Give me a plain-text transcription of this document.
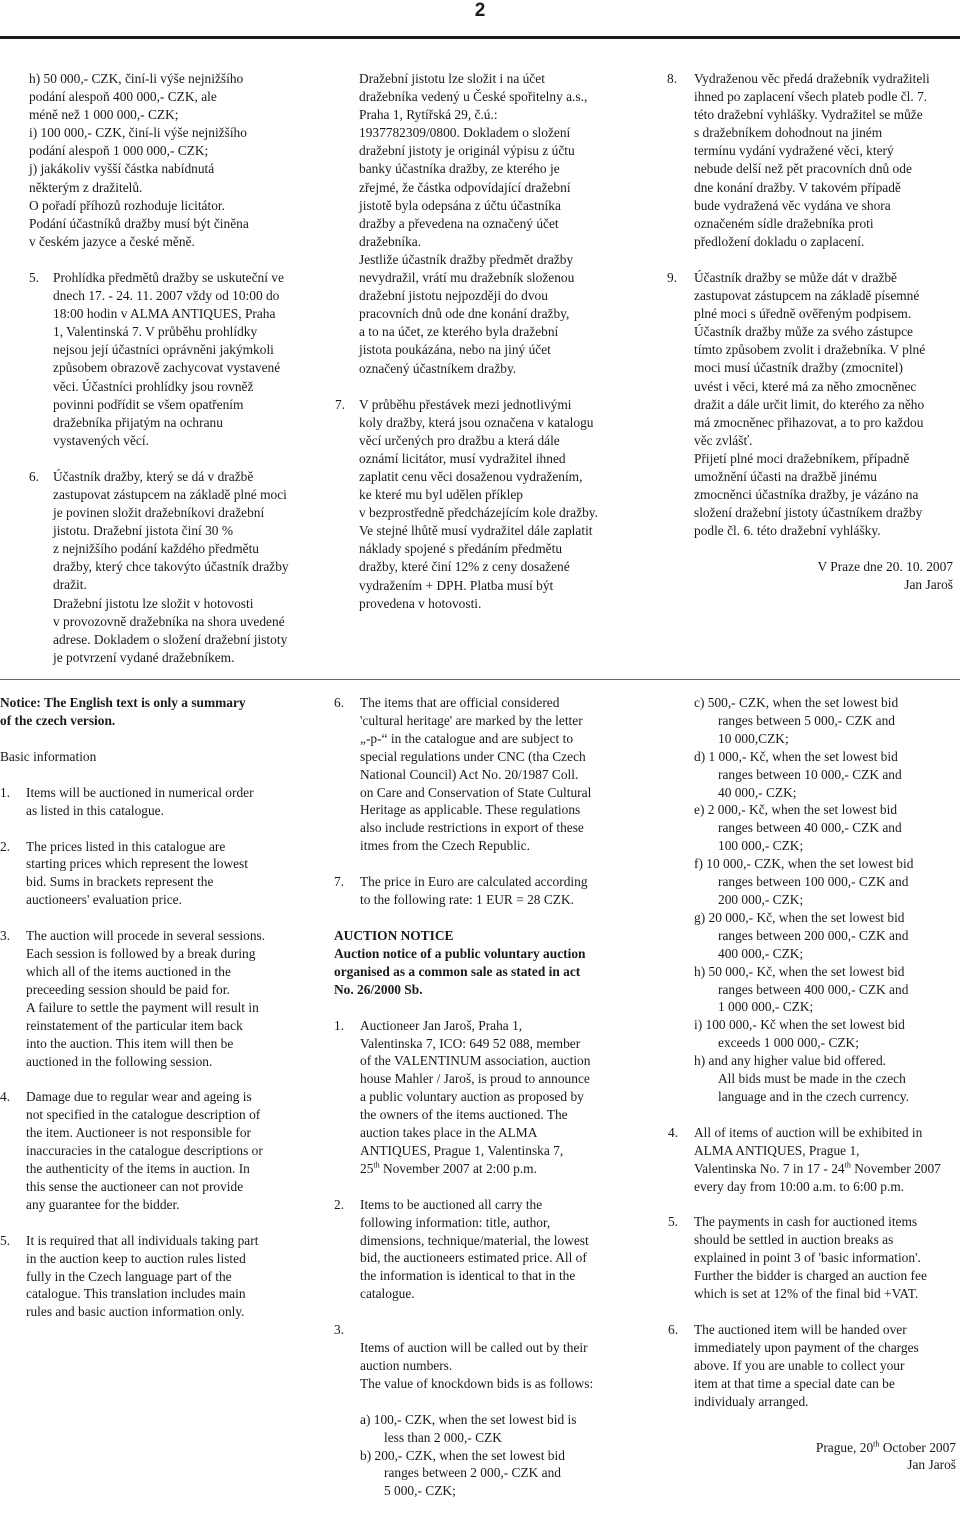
2

h) 50 000,- CZK, činí-li výše nejnižšího
podání alespoň 400 000,- CZK, ale
méně než 1 000 000,- CZK;
i) 100 000,- CZK, činí-li výše nejnižšího
podání alespoň 1 000 000,- CZK;
j) jakákoliv vyšší částka nabídnutá
některým z dražitelů.
O pořadí příhozů rozhoduje licitátor.
Podání účastníků dražby musí být činěna
v českém jazyce a české měně.

5.	Prohlídka předmětů dražby se uskuteční ve
dnech 17. - 24. 11. 2007 vždy od 10:00 do
18:00 hodin v ALMA ANTIQUES, Praha
1, Valentinská 7. V průběhu prohlídky
nejsou její účastníci oprávněni jakýmkoli
způsobem obrazově zachycovat vystavené
věci. Účastníci prohlídky jsou rovněž
povinni podřídit se všem opatřením
dražebníka přijatým na ochranu
vystavených věcí.
6.	Účastník dražby, který se dá v dražbě
zastupovat zástupcem na základě plné moci
je povinen složit dražebníkovi dražební
jistotu. Dražební jistota činí 30 %
z nejnižšího podání každého předmětu
dražby, který chce takovýto účastník dražby
dražit.
Dražební jistotu lze složit v hotovosti
v provozovně dražebníka na shora uvedené
adrese. Dokladem o složení dražební jistoty
je potvrzení vydané dražebníkem.

Dražební jistotu lze složit i na účet
dražebníka vedený u České spořitelny a.s.,
Praha 1, Rytířská 29, č.ú.:
1937782309/0800. Dokladem o složení
dražební jistoty je originál výpisu z účtu
banky účastníka dražby, ze kterého je
zřejmé, že částka odpovídající dražební
jistotě byla odepsána z účtu účastníka
dražby a převedena na označený účet
dražebníka.
Jestliže účastník dražby předmět dražby
nevydražil, vrátí mu dražebník složenou
dražební jistotu nejpozději do dvou
pracovních dnů ode dne konání dražby,
a to na účet, ze kterého byla dražební
jistota poukázána, nebo na jiný účet
označený účastníkem dražby.

7.	V průběhu přestávek mezi jednotlivými
koly dražby, která jsou označena v katalogu
věcí určených pro dražbu a která dále
oznámí licitátor, musí vydražitel ihned
zaplatit cenu věci dosaženou vydražením,
ke které mu byl udělen příklep
v bezprostředně předcházejícím kole dražby.
Ve stejné lhůtě musí vydražitel dále zaplatit
náklady spojené s předáním předmětu
dražby, které činí 12% z ceny dosažené
vydražením + DPH. Platba musí být
provedena v hotovosti.
8.	Vydraženou věc předá dražebník vydražiteli
ihned po zaplacení všech plateb podle čl. 7.
této dražební vyhlášky. Vydražitel se může
s dražebníkem dohodnout na jiném
termínu vydání vydražené věci, který
nebude delší než pět pracovních dnů ode
dne konání dražby. V takovém případě
bude vydražená věc vydána ve shora
označeném sídle dražebníka proti
předložení dokladu o zaplacení.
9.	Účastník dražby se může dát v dražbě
zastupovat zástupcem na základě písemné
plné moci s úředně ověřeným podpisem.
Účastník dražby může za svého zástupce
tímto způsobem zvolit i dražebníka. V plné
moci musí účastník dražby (zmocnitel)
uvést i věci, které má za něho zmocněnec
dražit a dále určit limit, do kterého za něho
má zmocněnec přihazovat, a to pro každou
věc zvlášť.
Přijetí plné moci dražebníkem, případně
umožnění účasti na dražbě jinému
zmocněnci účastníka dražby, je vázáno na
složení dražební jistoty účastníkem dražby
podle čl. 6. této dražební vyhlášky.

V Praze dne 20. 10. 2007

Jan Jaroš

Notice: The English text is only a summary
of the czech version.

Basic information

1.	Items will be auctioned in numerical order
as listed in this catalogue.
2.	The prices listed in this catalogue are
starting prices which represent the lowest
bid. Sums in brackets represent the
auctioneers' evaluation price.
3.	The auction will procede in several sessions.
Each session is followed by a break during
which all of the items auctioned in the
preceeding session should be paid for.
A failure to settle the payment will result in
reinstatement of the particular item back
into the auction. This item will then be
auctioned in the following session.
4.	Damage due to regular wear and ageing is
not specified in the catalogue description of
the item. Auctioneer is not responsible for
inaccuracies in the catalogue descriptions or
the authenticity of the items in auction. In
this sense the auctioneer can not provide
any guarantee for the bidder.
5.	It is required that all individuals taking part
in the auction keep to auction rules listed
fully in the Czech language part of the
catalogue. This translation includes main
rules and basic auction information only.
6.	The items that are official considered
'cultural heritage' are marked by the letter
„-p-“ in the catalogue and are subject to
special regulations under CNC (tha Czech
National Council) Act No. 20/1987 Coll.
on Care and Conservation of State Cultural
Heritage as applicable. These regulations
also include restrictions in export of these
itmes from the Czech Republic.
7.	The price in Euro are calculated according
to the following rate: 1 EUR = 28 CZK.

AUCTION NOTICE

Auction notice of a public voluntary auction
organised as a common sale as stated in act
No. 26/2000 Sb.

1.	Auctioneer Jan Jaroš, Praha 1,
Valentinska 7, ICO: 649 52 088, member
of the VALENTINUM association, auction
house Mahler / Jaroš, is proud to announce
a public voluntary auction as proposed by
the owners of the items auctioned. The
auction takes place in the ALMA
ANTIQUES, Prague 1, Valentinska 7,
25th November 2007 at 2:00 p.m.
2.	Items to be auctioned all carry the
following information: title, author,
dimensions, technique/material, the lowest
bid, the auctioneers estimated price. All of
the information is identical to that in the
catalogue.
3.

Items of auction will be called out by their
auction numbers.
The value of knockdown bids is as follows:

a) 100,- CZK, when the set lowest bid is
less than 2 000,- CZK

b) 200,- CZK, when the set lowest bid
ranges between 2 000,- CZK and
5 000,- CZK;

c) 500,- CZK, when the set lowest bid
ranges between 5 000,- CZK and
10 000,CZK;

d) 1 000,- Kč, when the set lowest bid
ranges between 10 000,- CZK and
40 000,- CZK;

e) 2 000,- Kč, when the set lowest bid
ranges between 40 000,- CZK and
100 000,- CZK;

f) 10 000,- CZK, when the set lowest bid
ranges between 100 000,- CZK and
200 000,- CZK;

g) 20 000,- Kč, when the set lowest bid
ranges between 200 000,- CZK and
400 000,- CZK;

h) 50 000,- Kč, when the set lowest bid
ranges between 400 000,- CZK and
1 000 000,- CZK;

i) 100 000,- Kč when the set lowest bid
exceeds 1 000 000,- CZK;

h) and any higher value bid offered.
All bids must be made in the czech
language and in the czech currency.

4.	All of items of auction will be exhibited in
ALMA ANTIQUES, Prague 1,
Valentinska No. 7 in 17 - 24th November 2007
every day from 10:00 a.m. to 6:00 p.m.
5.	The payments in cash for auctioned items
should be settled in auction breaks as
explained in point 3 of 'basic information'.
Further the bidder is charged an auction fee
which is set at 12% of the final bid +VAT.
6.	The auctioned item will be handed over
immediately upon payment of the charges
above. If you are unable to collect your
item at that time a special date can be
individualy arranged.

Prague, 20th October 2007

Jan Jaroš
